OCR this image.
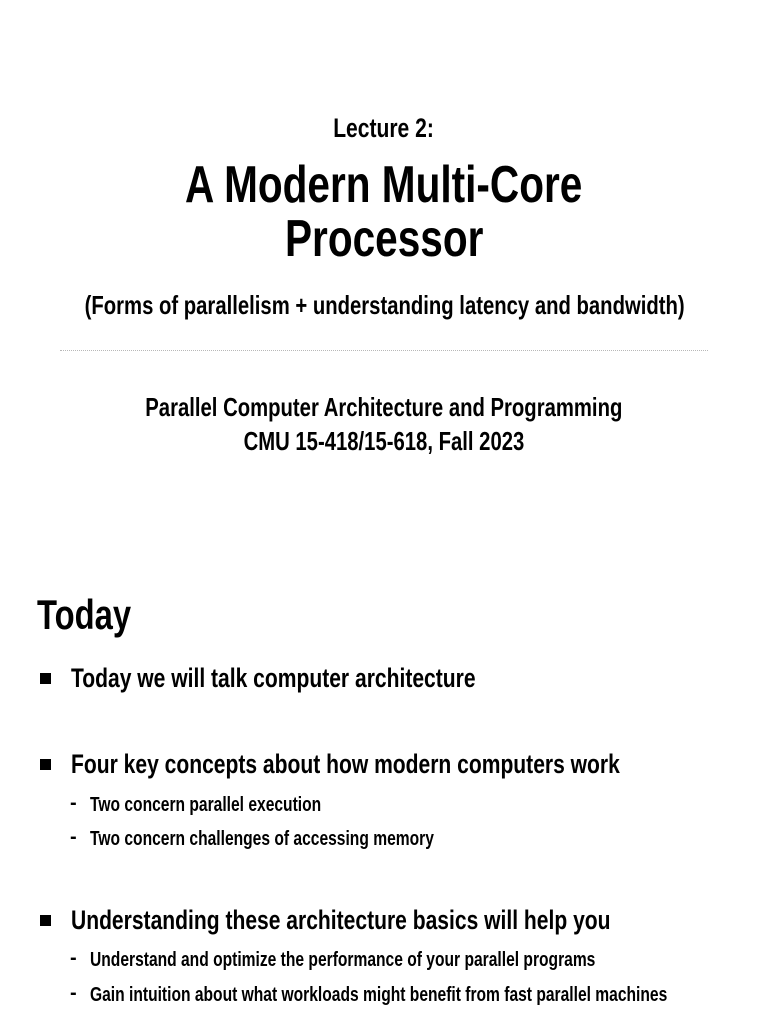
Lecture 2:
A Modern Multi-Core
Processor
(Forms of parallelism + understanding latency and bandwidth)
Parallel Computer Architecture and Programming
CMU 15-418/15-618, Fall 2023
Today
Today we will talk computer architecture
Four key concepts about how modern computers work
- Two concern parallel execution
- Two concern challenges of accessing memory
Understanding these architecture basics will help you
- Understand and optimize the performance of your parallel programs
- Gain intuition about what workloads might benefit from fast parallel machines
